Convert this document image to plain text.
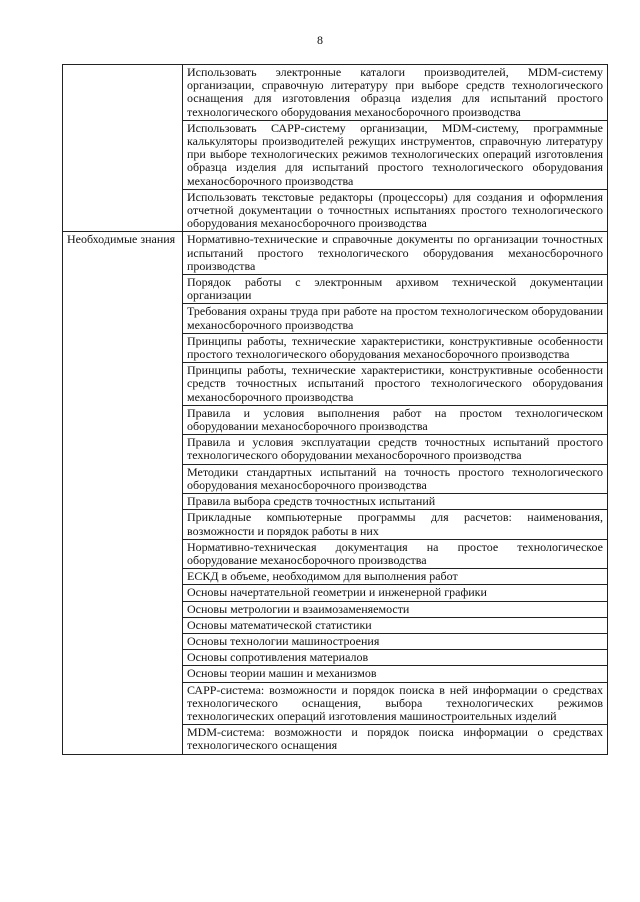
8
	Использовать электронные каталоги производителей, MDM-систему организации, справочную литературу при выборе средств технологического оснащения для изготовления образца изделия для испытаний простого технологического оборудования механосборочного производства
	Использовать САРР-систему организации, MDM-систему, программные калькуляторы производителей режущих инструментов, справочную литературу при выборе технологических режимов технологических операций изготовления образца изделия для испытаний простого технологического оборудования механосборочного производства
	Использовать текстовые редакторы (процессоры) для создания и оформления отчетной документации о точностных испытаниях простого технологического оборудования механосборочного производства
Необходимые знания	Нормативно-технические и справочные документы по организации точностных испытаний простого технологического оборудования механосборочного производства
	Порядок работы с электронным архивом технической документации организации
	Требования охраны труда при работе на простом технологическом оборудовании механосборочного производства
	Принципы работы, технические характеристики, конструктивные особенности простого технологического оборудования механосборочного производства
	Принципы работы, технические характеристики, конструктивные особенности средств точностных испытаний простого технологического оборудования механосборочного производства
	Правила и условия выполнения работ на простом технологическом оборудовании механосборочного производства
	Правила и условия эксплуатации средств точностных испытаний простого технологического оборудовании механосборочного производства
	Методики стандартных испытаний на точность простого технологического оборудования механосборочного производства
	Правила выбора средств точностных испытаний
	Прикладные компьютерные программы для расчетов: наименования, возможности и порядок работы в них
	Нормативно-техническая документация на простое технологическое оборудование механосборочного производства
	ЕСКД в объеме, необходимом для выполнения работ
	Основы начертательной геометрии и инженерной графики
	Основы метрологии и взаимозаменяемости
	Основы математической статистики
	Основы технологии машиностроения
	Основы сопротивления материалов
	Основы теории машин и механизмов
	САРР-система: возможности и порядок поиска в ней информации о средствах технологического оснащения, выбора технологических режимов технологических операций изготовления машиностроительных изделий
	MDM-система: возможности и порядок поиска информации о средствах технологического оснащения
